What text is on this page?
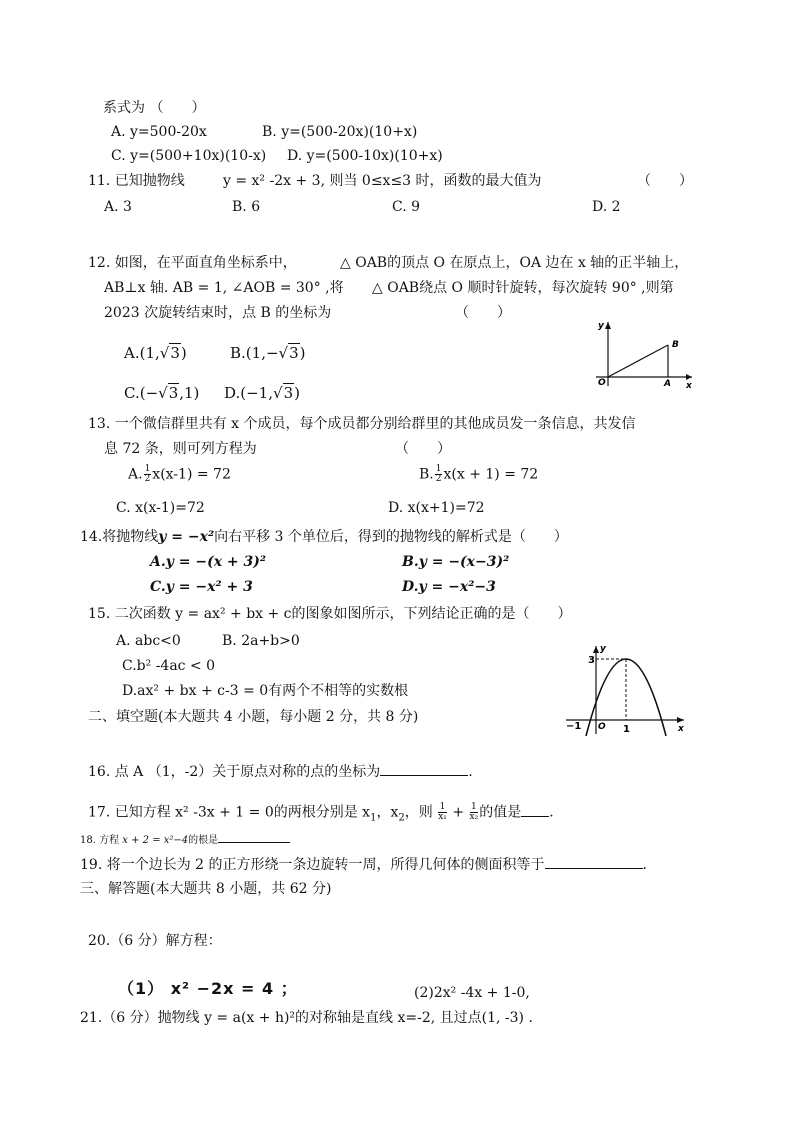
系式为 （　　）
A. y=500-20x	B. y=(500-20x)(10+x)
C. y=(500+10x)(10-x) D. y=(500-10x)(10+x)
11. 已知抛物线	y = x² -2x + 3, 则当 0≤x≤3 时，函数的最大值为	（　　）
A. 3	B. 6	C. 9	D. 2
12. 如图，在平面直角坐标系中，	△ OAB的顶点 O 在原点上，OA 边在 x 轴的正半轴上，
AB⊥x 轴. AB = 1, ∠AOB = 30° ,将 △ OAB绕点 O 顺时针旋转，每次旋转 90° ,则第
2023 次旋转结束时，点 B 的坐标为	（　　）
A.(1,√3)	B.(1,−√3)
C.(−√3,1) D.(−1,√3)
y
x
O	A
B
13. 一个微信群里共有 x 个成员，每个成员都分别给群里的其他成员发一条信息，共发信
息 72 条，则可列方程为	（　　）
A. $\frac{1}{2} x(x-1) = 72$	B. $\frac{1}{2} x(x + 1) = 72$
C. x(x-1)=72	D. x(x+1)=72
14.将抛物线y = −x²向右平移 3 个单位后，得到的抛物线的解析式是（　　）
A.y = −(x + 3)²	B.y = −(x−3)²
C.y = −x² + 3	D.y = −x²−3
15. 二次函数 y = ax² + bx + c的图象如图所示，下列结论正确的是（　　）
A. abc<0	B. 2a+b>0
C.b² -4ac < 0
D.ax² + bx + c-3 = 0有两个不相等的实数根
y
x
3
1
−1 O
二、填空题(本大题共 4 小题，每小题 2 分，共 8 分)
16. 点 A （1，-2）关于原点对称的点的坐标为	.
17. 已知方程 x² -3x + 1 = 0的两根分别是 $x_1$，$x_2$，则 $\frac{1}{\text{x₁}} + \frac{1}{\text{x₂}}$ 的值是 .
18. 方程 x + 2 = x²−4的根是
19. 将一个边长为 2 的正方形绕一条边旋转一周，所得几何体的侧面积等于	.
三、解答题(本大题共 8 小题，共 62 分)
20.（6 分）解方程：
（1） x² −2x = 4 ；	(2)2x² -4x + 1-0,
21.（6 分）抛物线 y = a(x + h)²的对称轴是直线 x=-2, 且过点(1, -3) .
